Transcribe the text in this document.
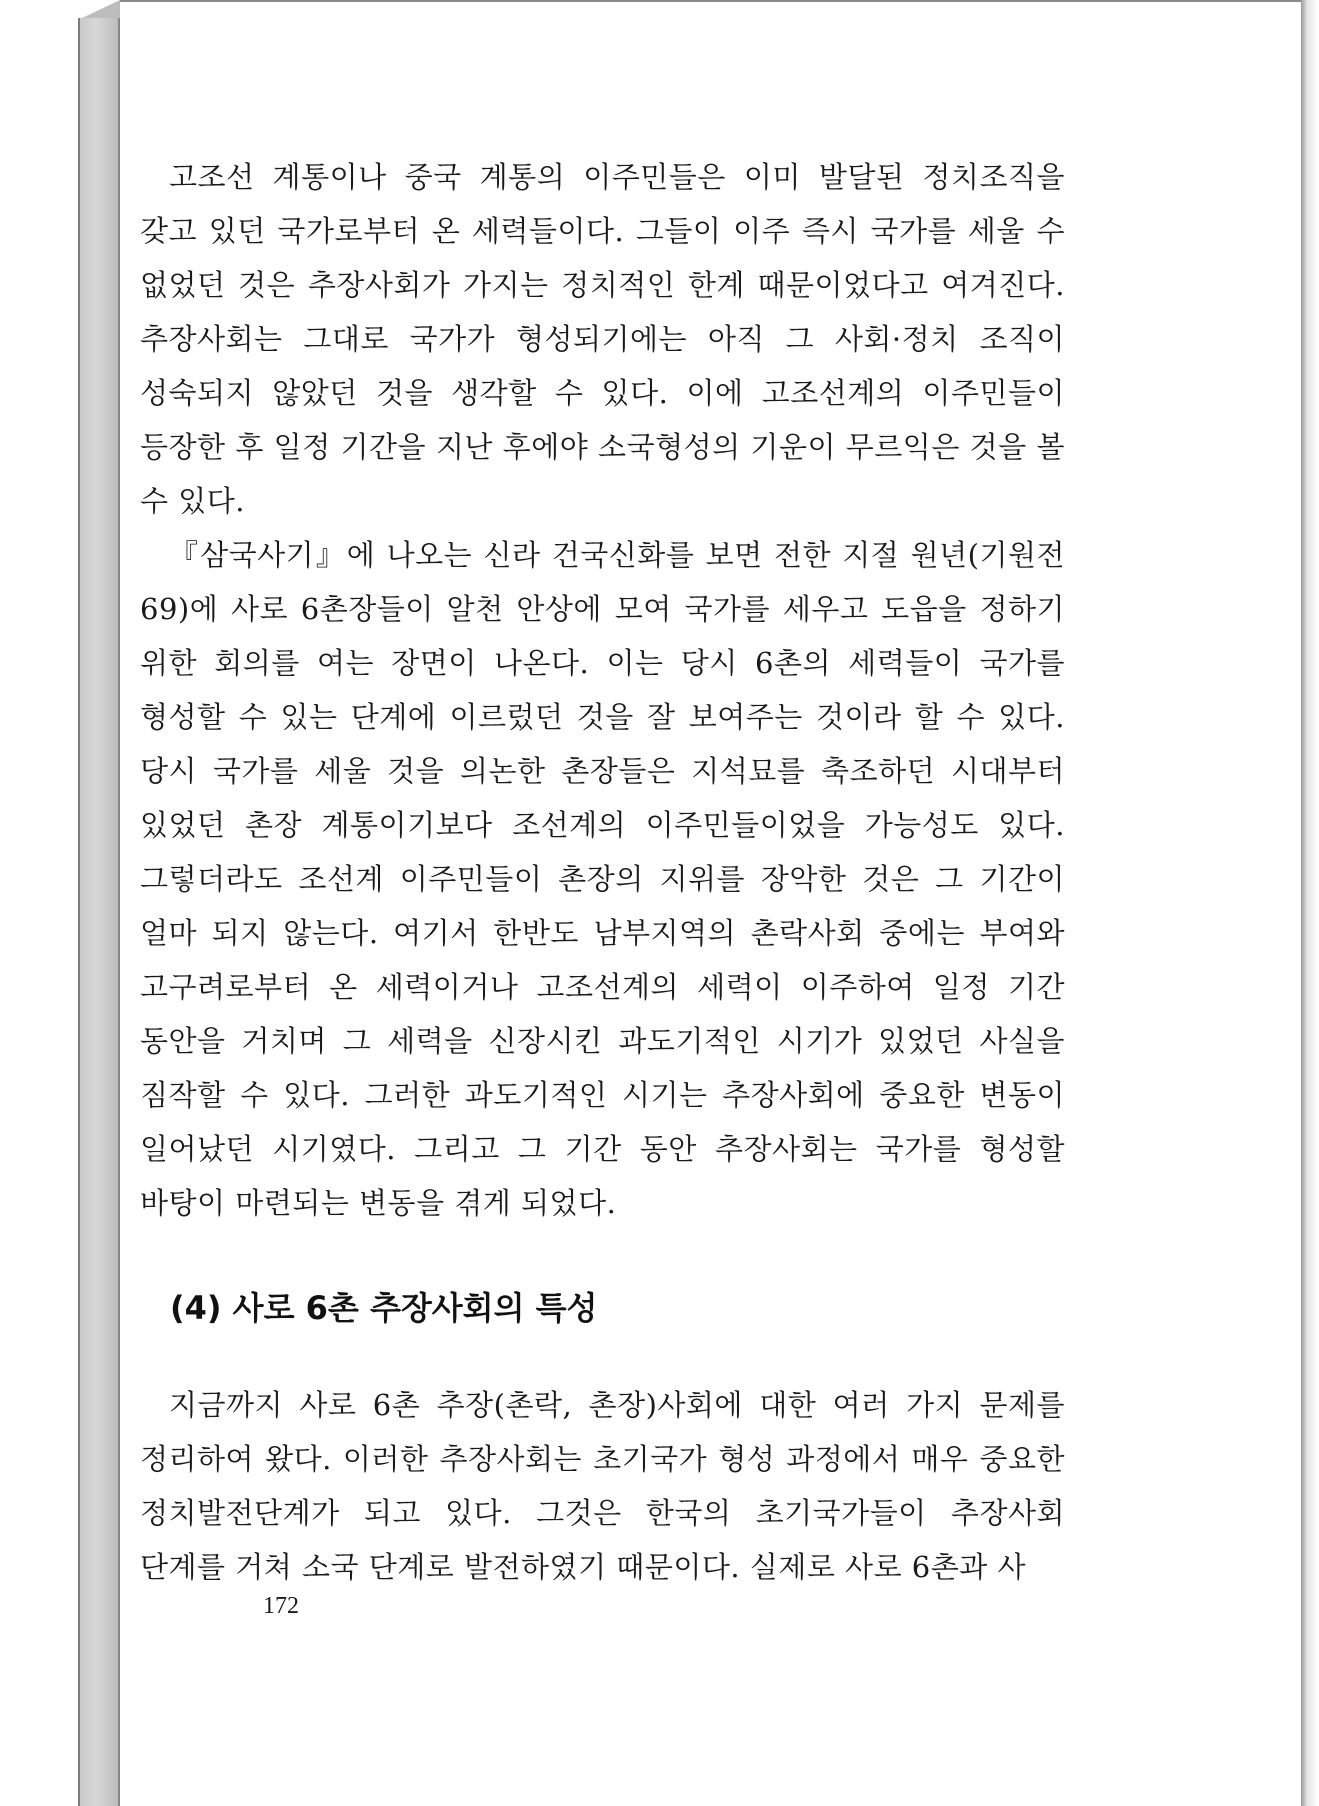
고조선 계통이나 중국 계통의 이주민들은 이미 발달된 정치조직을 갖고 있던 국가로부터 온 세력들이다. 그들이 이주 즉시 국가를 세울 수 없었던 것은 추장사회가 가지는 정치적인 한계 때문이었다고 여겨진다. 추장사회는 그대로 국가가 형성되기에는 아직 그 사회·정치 조직이 성숙되지 않았던 것을 생각할 수 있다. 이에 고조선계의 이주민들이 등장한 후 일정 기간을 지난 후에야 소국형성의 기운이 무르익은 것을 볼 수 있다.

『삼국사기』에 나오는 신라 건국신화를 보면 전한 지절 원년(기원전 69)에 사로 6촌장들이 알천 안상에 모여 국가를 세우고 도읍을 정하기 위한 회의를 여는 장면이 나온다. 이는 당시 6촌의 세력들이 국가를 형성할 수 있는 단계에 이르렀던 것을 잘 보여주는 것이라 할 수 있다. 당시 국가를 세울 것을 의논한 촌장들은 지석묘를 축조하던 시대부터 있었던 촌장 계통이기보다 조선계의 이주민들이었을 가능성도 있다. 그렇더라도 조선계 이주민들이 촌장의 지위를 장악한 것은 그 기간이 얼마 되지 않는다. 여기서 한반도 남부지역의 촌락사회 중에는 부여와 고구려로부터 온 세력이거나 고조선계의 세력이 이주하여 일정 기간 동안을 거치며 그 세력을 신장시킨 과도기적인 시기가 있었던 사실을 짐작할 수 있다. 그러한 과도기적인 시기는 추장사회에 중요한 변동이 일어났던 시기였다. 그리고 그 기간 동안 추장사회는 국가를 형성할 바탕이 마련되는 변동을 겪게 되었다.

(4) 사로 6촌 추장사회의 특성

지금까지 사로 6촌 추장(촌락, 촌장)사회에 대한 여러 가지 문제를 정리하여 왔다. 이러한 추장사회는 초기국가 형성 과정에서 매우 중요한 정치발전단계가 되고 있다. 그것은 한국의 초기국가들이 추장사회 단계를 거쳐 소국 단계로 발전하였기 때문이다. 실제로 사로 6촌과 사

172
